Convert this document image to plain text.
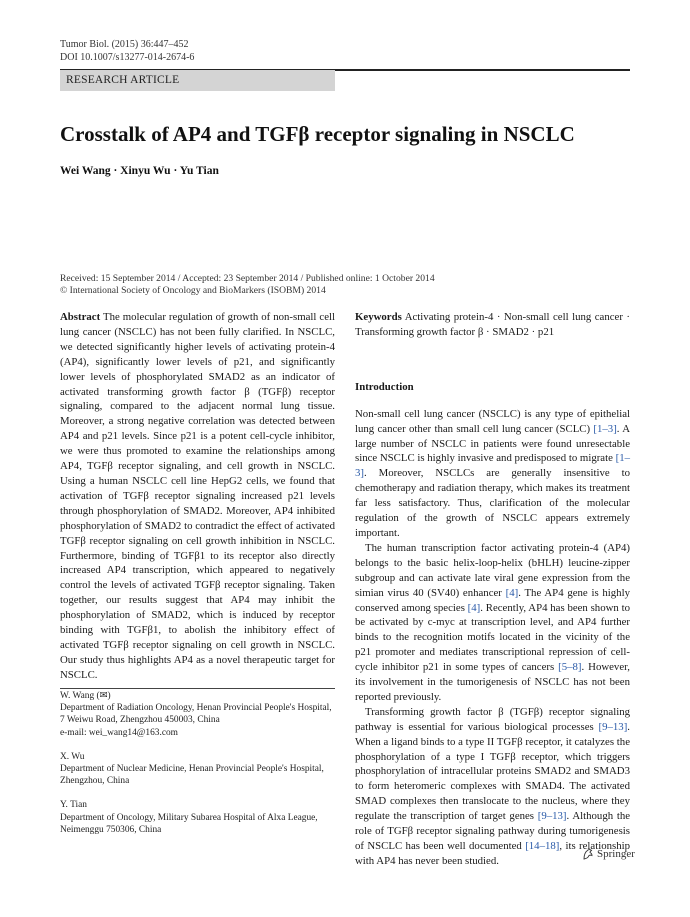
Tumor Biol. (2015) 36:447–452
DOI 10.1007/s13277-014-2674-6
RESEARCH ARTICLE
Crosstalk of AP4 and TGFβ receptor signaling in NSCLC
Wei Wang · Xinyu Wu · Yu Tian
Received: 15 September 2014 / Accepted: 23 September 2014 / Published online: 1 October 2014
© International Society of Oncology and BioMarkers (ISOBM) 2014

Abstract The molecular regulation of growth of non-small cell lung cancer (NSCLC) has not been fully clarified. In NSCLC, we detected significantly higher levels of activating protein-4 (AP4), significantly lower levels of p21, and significantly lower levels of phosphorylated SMAD2 as an indicator of activated transforming growth factor β (TGFβ) receptor signaling, compared to the adjacent normal lung tissue. Moreover, a strong negative correlation was detected between AP4 and p21 levels. Since p21 is a potent cell-cycle inhibitor, we were thus promoted to examine the relationships among AP4, TGFβ receptor signaling, and cell growth in NSCLC. Using a human NSCLC cell line HepG2 cells, we found that activation of TGFβ receptor signaling increased p21 levels through phosphorylation of SMAD2. Moreover, AP4 inhibited phosphorylation of SMAD2 to contradict the effect of activated TGFβ receptor signaling on cell growth inhibition in NSCLC. Furthermore, binding of TGFβ1 to its receptor also directly increased AP4 transcription, which appeared to negatively control the levels of activated TGFβ receptor signaling. Taken together, our results suggest that AP4 may inhibit the phosphorylation of SMAD2, which is induced by receptor binding with TGFβ1, to abolish the inhibitory effect of activated TGFβ receptor signaling on cell growth in NSCLC. Our study thus highlights AP4 as a novel therapeutic target for NSCLC.

W. Wang (✉)
Department of Radiation Oncology, Henan Provincial People's Hospital, 7 Weiwu Road, Zhengzhou 450003, China
e-mail: wei_wang14@163.com
X. Wu
Department of Nuclear Medicine, Henan Provincial People's Hospital, Zhengzhou, China
Y. Tian
Department of Oncology, Military Subarea Hospital of Alxa League, Neimenggu 750306, China

Keywords Activating protein-4 · Non-small cell lung cancer · Transforming growth factor β · SMAD2 · p21

Introduction

Non-small cell lung cancer (NSCLC) is any type of epithelial lung cancer other than small cell lung cancer (SCLC) [1–3]. A large number of NSCLC in patients were found unresectable since NSCLC is highly invasive and predisposed to migrate [1–3]. Moreover, NSCLCs are generally insensitive to chemotherapy and radiation therapy, which makes its treatment far less satisfactory. Thus, clarification of the molecular regulation of the growth of NSCLC appears extremely important.

The human transcription factor activating protein-4 (AP4) belongs to the basic helix-loop-helix (bHLH) leucine-zipper subgroup and can activate late viral gene expression from the simian virus 40 (SV40) enhancer [4]. The AP4 gene is highly conserved among species [4]. Recently, AP4 has been shown to be activated by c-myc at transcription level, and AP4 further binds to the recognition motifs located in the vicinity of the p21 promoter and mediates transcriptional repression of cell-cycle inhibitor p21 in some types of cancers [5–8]. However, its involvement in the tumorigenesis of NSCLC has not been reported previously.

Transforming growth factor β (TGFβ) receptor signaling pathway is essential for various biological processes [9–13]. When a ligand binds to a type II TGFβ receptor, it catalyzes the phosphorylation of a type I TGFβ receptor, which triggers phosphorylation of intracellular proteins SMAD2 and SMAD3 to form heteromeric complexes with SMAD4. The activated SMAD complexes then translocate to the nucleus, where they regulate the transcription of target genes [9–13]. Although the role of TGFβ receptor signaling pathway during tumorigenesis of NSCLC has been well documented [14–18], its relationship with AP4 has never been studied.

Springer
